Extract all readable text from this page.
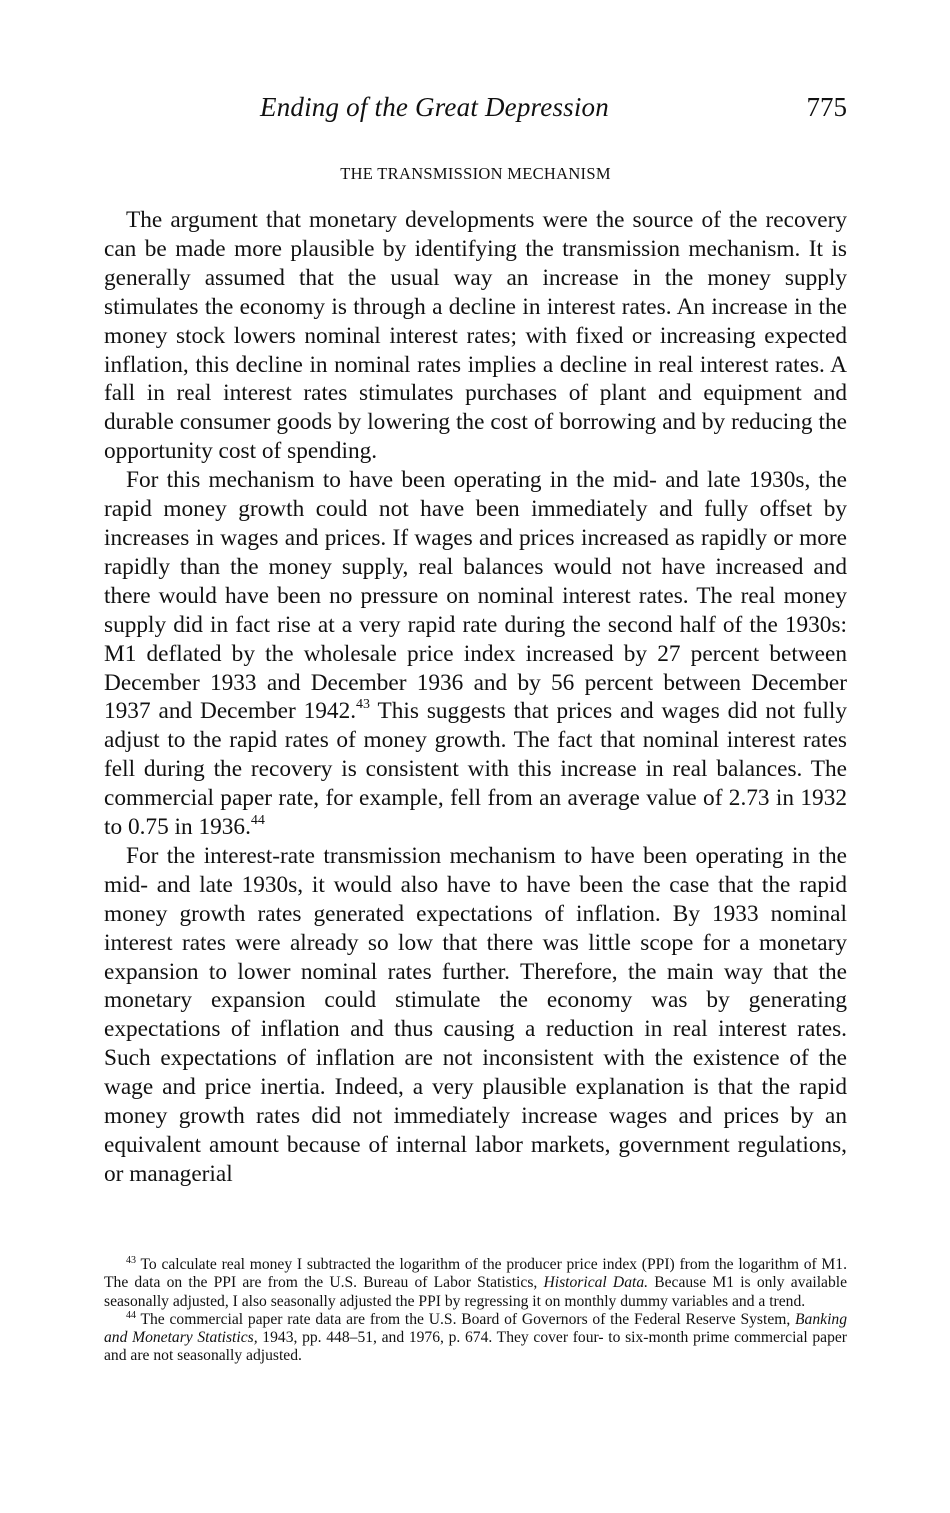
Ending of the Great Depression	775
THE TRANSMISSION MECHANISM

The argument that monetary developments were the source of the recovery can be made more plausible by identifying the transmission mechanism. It is generally assumed that the usual way an increase in the money supply stimulates the economy is through a decline in interest rates. An increase in the money stock lowers nominal interest rates; with fixed or increasing expected inflation, this decline in nominal rates implies a decline in real interest rates. A fall in real interest rates stimulates purchases of plant and equipment and durable consumer goods by lowering the cost of borrowing and by reducing the opportunity cost of spending.

For this mechanism to have been operating in the mid- and late 1930s, the rapid money growth could not have been immediately and fully offset by increases in wages and prices. If wages and prices increased as rapidly or more rapidly than the money supply, real balances would not have increased and there would have been no pressure on nominal interest rates. The real money supply did in fact rise at a very rapid rate during the second half of the 1930s: M1 deflated by the wholesale price index increased by 27 percent between December 1933 and December 1936 and by 56 percent between December 1937 and December 1942.43 This suggests that prices and wages did not fully adjust to the rapid rates of money growth. The fact that nominal interest rates fell during the recovery is consistent with this increase in real balances. The commercial paper rate, for example, fell from an average value of 2.73 in 1932 to 0.75 in 1936.44

For the interest-rate transmission mechanism to have been operating in the mid- and late 1930s, it would also have to have been the case that the rapid money growth rates generated expectations of inflation. By 1933 nominal interest rates were already so low that there was little scope for a monetary expansion to lower nominal rates further. Therefore, the main way that the monetary expansion could stimulate the economy was by generating expectations of inflation and thus causing a reduction in real interest rates. Such expectations of inflation are not inconsistent with the existence of the wage and price inertia. Indeed, a very plausible explanation is that the rapid money growth rates did not immediately increase wages and prices by an equivalent amount because of internal labor markets, government regulations, or managerial

$^{43}$ To calculate real money I subtracted the logarithm of the producer price index (PPI) from the logarithm of M1. The data on the PPI are from the U.S. Bureau of Labor Statistics, Historical Data. Because M1 is only available seasonally adjusted, I also seasonally adjusted the PPI by regressing it on monthly dummy variables and a trend.

$^{44}$ The commercial paper rate data are from the U.S. Board of Governors of the Federal Reserve System, Banking and Monetary Statistics, 1943, pp. 448–51, and 1976, p. 674. They cover four- to six-month prime commercial paper and are not seasonally adjusted.
